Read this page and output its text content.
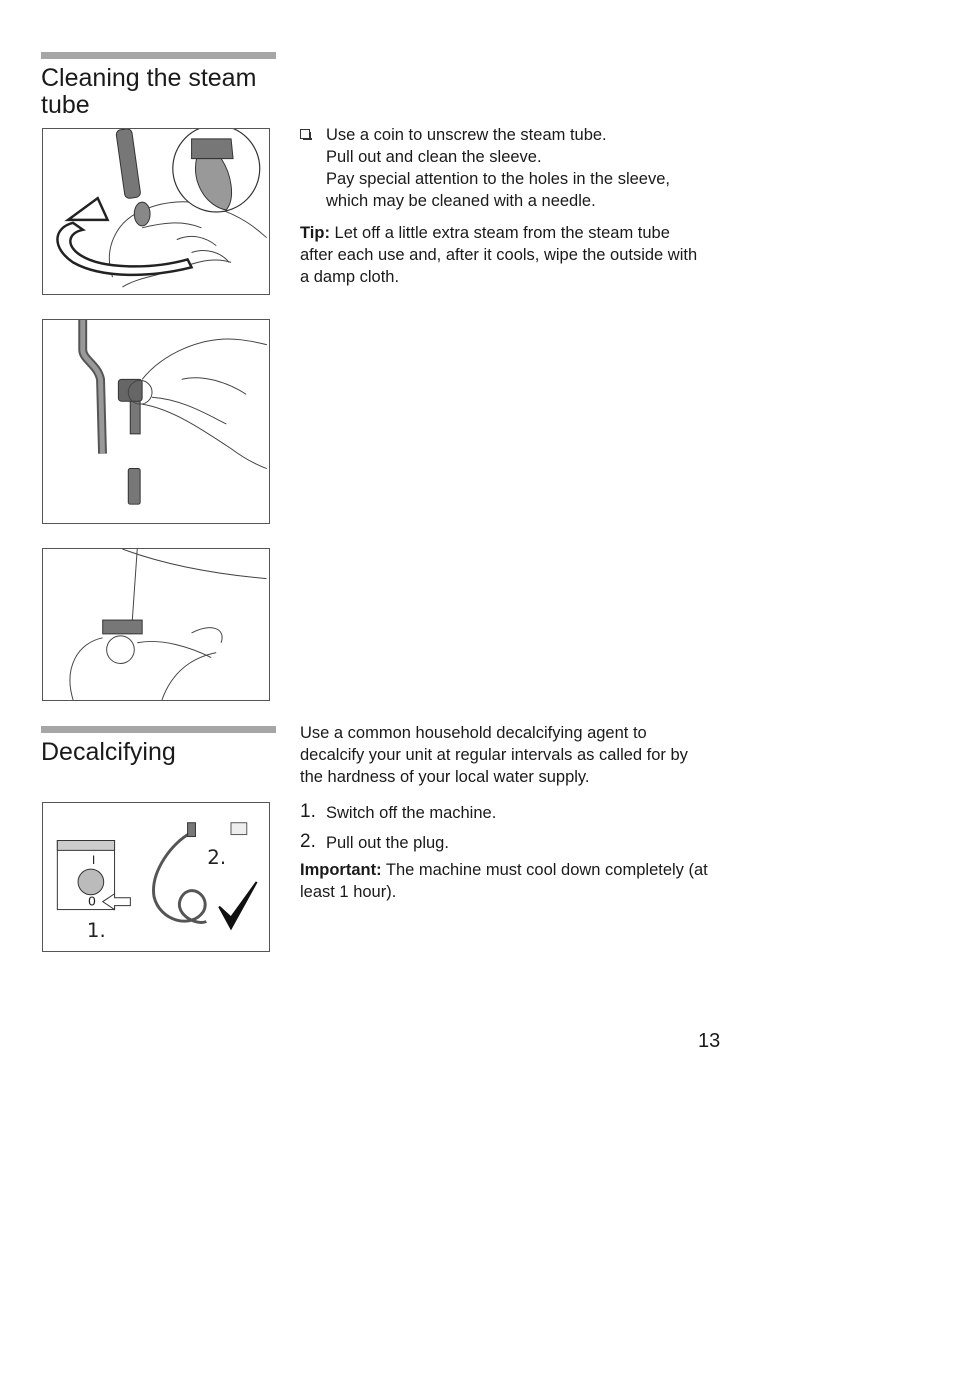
Cleaning the steam tube
Use a coin to unscrew the steam tube.
Pull out and clean the sleeve.
Pay special attention to the holes in the sleeve,
which may be cleaned with a needle.

Tip: Let off a little extra steam from the steam tube after each use and, after it cools, wipe the outside with a damp cloth.

Decalcifying
Use a common household decalcifying agent to decalcify your unit at regular intervals as called for by the hardness of your local water supply.
I
0
1.
2.
1. Switch off the machine.
2. Pull out the plug.

Important: The machine must cool down completely (at least 1 hour).

13
